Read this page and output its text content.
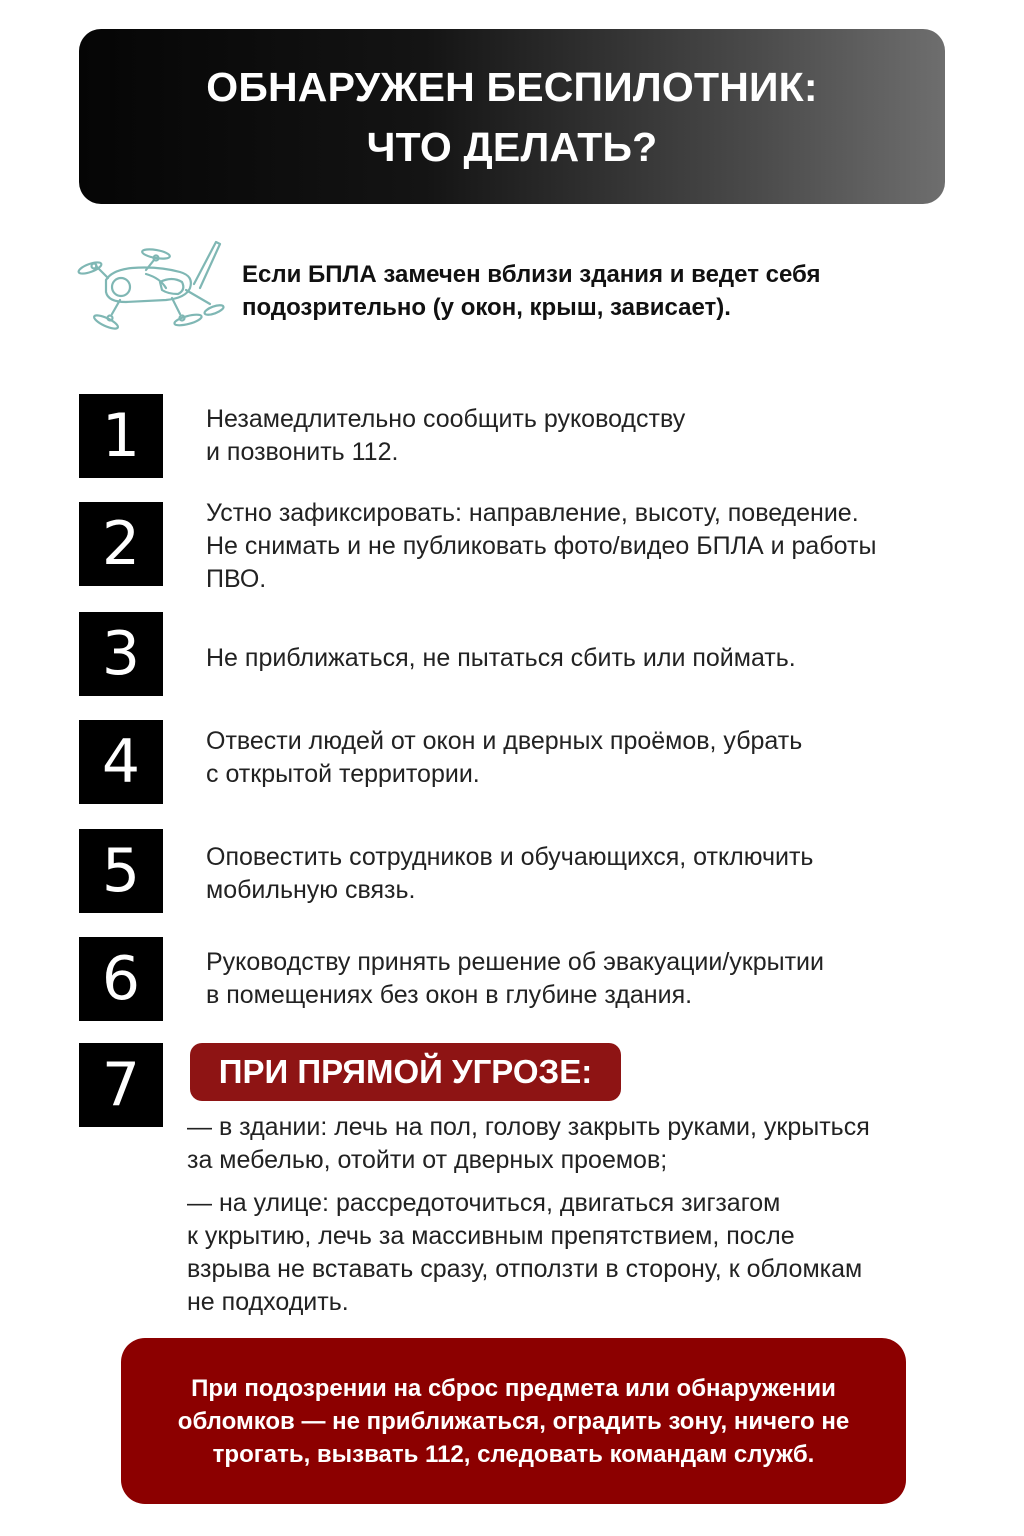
ОБНАРУЖЕН БЕСПИЛОТНИК:
ЧТО ДЕЛАТЬ?
Если БПЛА замечен вблизи здания и ведет себя
подозрительно (у окон, крыш, зависает).
1	Незамедлительно сообщить руководству
и позвонить 112.
2	Устно зафиксировать: направление, высоту, поведение.
Не снимать и не публиковать фото/видео БПЛА и работы
ПВО.
3	Не приближаться, не пытаться сбить или поймать.
4	Отвести людей от окон и дверных проёмов, убрать
с открытой территории.
5	Оповестить сотрудников и обучающихся, отключить
мобильную связь.
6	Руководству принять решение об эвакуации/укрытии
в помещениях без окон в глубине здания.
7	ПРИ ПРЯМОЙ УГРОЗЕ:
— в здании: лечь на пол, голову закрыть руками, укрыться
за мебелью, отойти от дверных проемов;
— на улице: рассредоточиться, двигаться зигзагом
к укрытию, лечь за массивным препятствием, после
взрыва не вставать сразу, отползти в сторону, к обломкам
не подходить.
При подозрении на сброс предмета или обнаружении
обломков — не приближаться, оградить зону, ничего не
трогать, вызвать 112, следовать командам служб.
